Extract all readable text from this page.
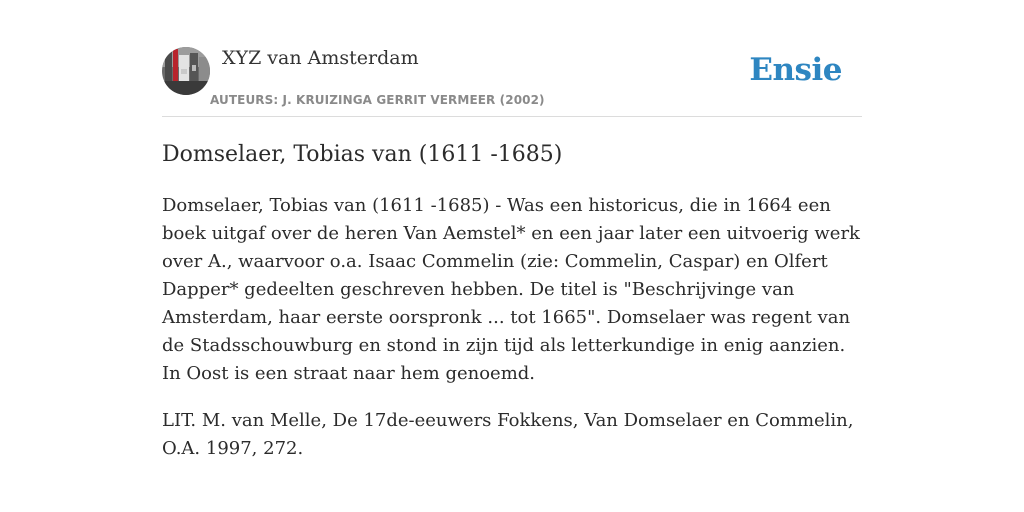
XYZ van Amsterdam
AUTEURS: J. KRUIZINGA GERRIT VERMEER (2002)
Ensie
Domselaer, Tobias van (1611 -1685)

Domselaer, Tobias van (1611 -1685) - Was een historicus, die in 1664 een boek uitgaf over de heren Van Aemstel* en een jaar later een uitvoerig werk over A., waarvoor o.a. Isaac Commelin (zie: Commelin, Caspar) en Olfert Dapper* gedeelten geschreven hebben. De titel is "Beschrijvinge van Amsterdam, haar eerste oorspronk ... tot 1665". Domselaer was regent van de Stadsschouwburg en stond in zijn tijd als letterkundige in enig aanzien. In Oost is een straat naar hem genoemd.

LIT. M. van Melle, De 17de-eeuwers Fokkens, Van Domselaer en Commelin, O.A. 1997, 272.
